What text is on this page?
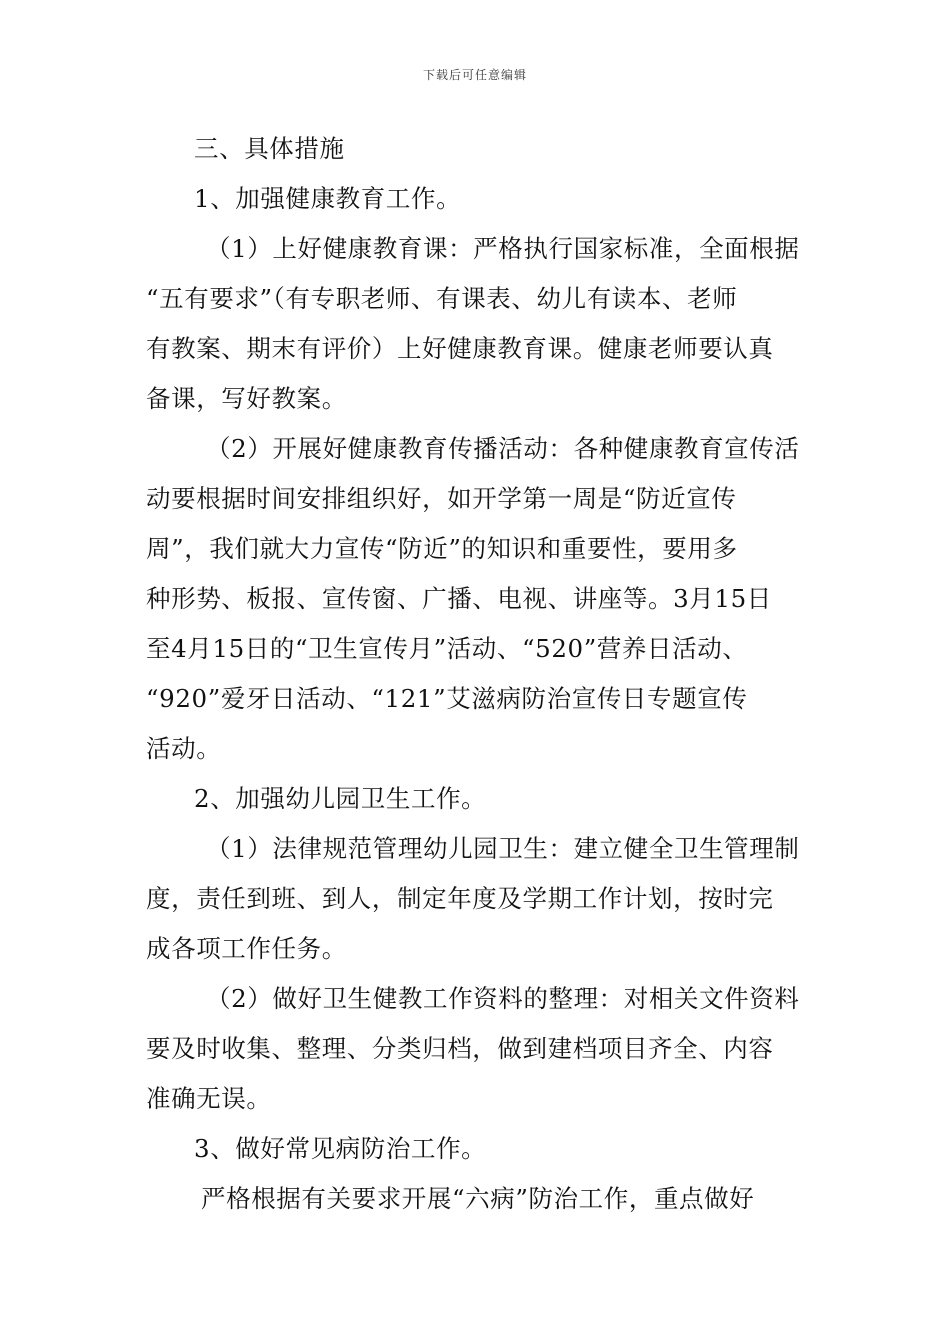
下载后可任意编辑
三、具体措施
1、加强健康教育工作。
（1）上好健康教育课：严格执行国家标准，全面根据
“五有要求”（有专职老师、有课表、幼儿有读本、老师
有教案、期末有评价）上好健康教育课。健康老师要认真
备课，写好教案。
（2）开展好健康教育传播活动：各种健康教育宣传活
动要根据时间安排组织好，如开学第一周是“防近宣传
周”，我们就大力宣传“防近”的知识和重要性，要用多
种形势、板报、宣传窗、广播、电视、讲座等。3月15日
至4月15日的“卫生宣传月”活动、“520”营养日活动、
“920”爱牙日活动、“121”艾滋病防治宣传日专题宣传
活动。
2、加强幼儿园卫生工作。
（1）法律规范管理幼儿园卫生：建立健全卫生管理制
度，责任到班、到人，制定年度及学期工作计划，按时完
成各项工作任务。
（2）做好卫生健教工作资料的整理：对相关文件资料
要及时收集、整理、分类归档，做到建档项目齐全、内容
准确无误。
3、做好常见病防治工作。
严格根据有关要求开展“六病”防治工作，重点做好
